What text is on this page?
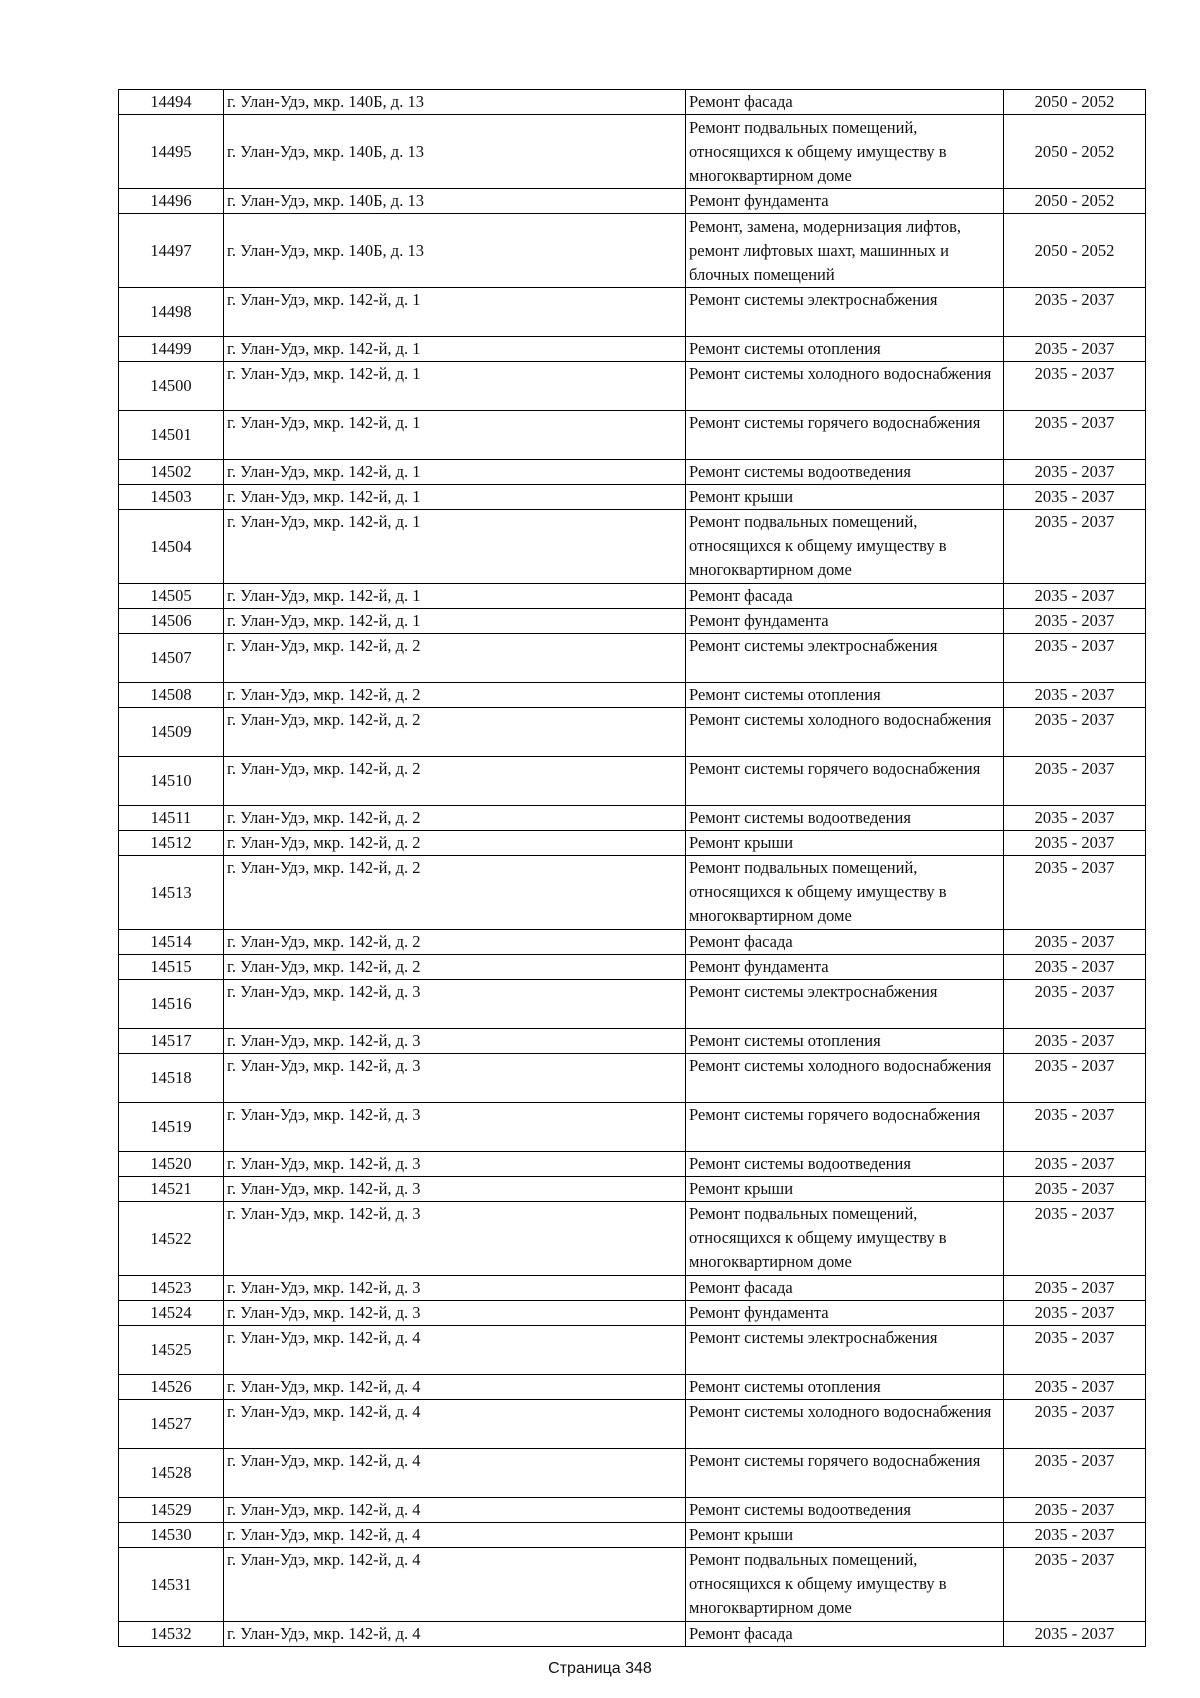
14494	г. Улан-Удэ, мкр. 140Б, д. 13	Ремонт фасада	2050 - 2052
14495	г. Улан-Удэ, мкр. 140Б, д. 13	Ремонт подвальных помещений, относящихся к общему имуществу в многоквартирном доме	2050 - 2052
14496	г. Улан-Удэ, мкр. 140Б, д. 13	Ремонт фундамента	2050 - 2052
14497	г. Улан-Удэ, мкр. 140Б, д. 13	Ремонт, замена, модернизация лифтов, ремонт лифтовых шахт, машинных и блочных помещений	2050 - 2052
14498	г. Улан-Удэ, мкр. 142-й, д. 1	Ремонт системы электроснабжения	2035 - 2037
14499	г. Улан-Удэ, мкр. 142-й, д. 1	Ремонт системы отопления	2035 - 2037
14500	г. Улан-Удэ, мкр. 142-й, д. 1	Ремонт системы холодного водоснабжения	2035 - 2037
14501	г. Улан-Удэ, мкр. 142-й, д. 1	Ремонт системы горячего водоснабжения	2035 - 2037
14502	г. Улан-Удэ, мкр. 142-й, д. 1	Ремонт системы водоотведения	2035 - 2037
14503	г. Улан-Удэ, мкр. 142-й, д. 1	Ремонт крыши	2035 - 2037
14504	г. Улан-Удэ, мкр. 142-й, д. 1	Ремонт подвальных помещений, относящихся к общему имуществу в многоквартирном доме	2035 - 2037
14505	г. Улан-Удэ, мкр. 142-й, д. 1	Ремонт фасада	2035 - 2037
14506	г. Улан-Удэ, мкр. 142-й, д. 1	Ремонт фундамента	2035 - 2037
14507	г. Улан-Удэ, мкр. 142-й, д. 2	Ремонт системы электроснабжения	2035 - 2037
14508	г. Улан-Удэ, мкр. 142-й, д. 2	Ремонт системы отопления	2035 - 2037
14509	г. Улан-Удэ, мкр. 142-й, д. 2	Ремонт системы холодного водоснабжения	2035 - 2037
14510	г. Улан-Удэ, мкр. 142-й, д. 2	Ремонт системы горячего водоснабжения	2035 - 2037
14511	г. Улан-Удэ, мкр. 142-й, д. 2	Ремонт системы водоотведения	2035 - 2037
14512	г. Улан-Удэ, мкр. 142-й, д. 2	Ремонт крыши	2035 - 2037
14513	г. Улан-Удэ, мкр. 142-й, д. 2	Ремонт подвальных помещений, относящихся к общему имуществу в многоквартирном доме	2035 - 2037
14514	г. Улан-Удэ, мкр. 142-й, д. 2	Ремонт фасада	2035 - 2037
14515	г. Улан-Удэ, мкр. 142-й, д. 2	Ремонт фундамента	2035 - 2037
14516	г. Улан-Удэ, мкр. 142-й, д. 3	Ремонт системы электроснабжения	2035 - 2037
14517	г. Улан-Удэ, мкр. 142-й, д. 3	Ремонт системы отопления	2035 - 2037
14518	г. Улан-Удэ, мкр. 142-й, д. 3	Ремонт системы холодного водоснабжения	2035 - 2037
14519	г. Улан-Удэ, мкр. 142-й, д. 3	Ремонт системы горячего водоснабжения	2035 - 2037
14520	г. Улан-Удэ, мкр. 142-й, д. 3	Ремонт системы водоотведения	2035 - 2037
14521	г. Улан-Удэ, мкр. 142-й, д. 3	Ремонт крыши	2035 - 2037
14522	г. Улан-Удэ, мкр. 142-й, д. 3	Ремонт подвальных помещений, относящихся к общему имуществу в многоквартирном доме	2035 - 2037
14523	г. Улан-Удэ, мкр. 142-й, д. 3	Ремонт фасада	2035 - 2037
14524	г. Улан-Удэ, мкр. 142-й, д. 3	Ремонт фундамента	2035 - 2037
14525	г. Улан-Удэ, мкр. 142-й, д. 4	Ремонт системы электроснабжения	2035 - 2037
14526	г. Улан-Удэ, мкр. 142-й, д. 4	Ремонт системы отопления	2035 - 2037
14527	г. Улан-Удэ, мкр. 142-й, д. 4	Ремонт системы холодного водоснабжения	2035 - 2037
14528	г. Улан-Удэ, мкр. 142-й, д. 4	Ремонт системы горячего водоснабжения	2035 - 2037
14529	г. Улан-Удэ, мкр. 142-й, д. 4	Ремонт системы водоотведения	2035 - 2037
14530	г. Улан-Удэ, мкр. 142-й, д. 4	Ремонт крыши	2035 - 2037
14531	г. Улан-Удэ, мкр. 142-й, д. 4	Ремонт подвальных помещений, относящихся к общему имуществу в многоквартирном доме	2035 - 2037
14532	г. Улан-Удэ, мкр. 142-й, д. 4	Ремонт фасада	2035 - 2037
Страница 348
